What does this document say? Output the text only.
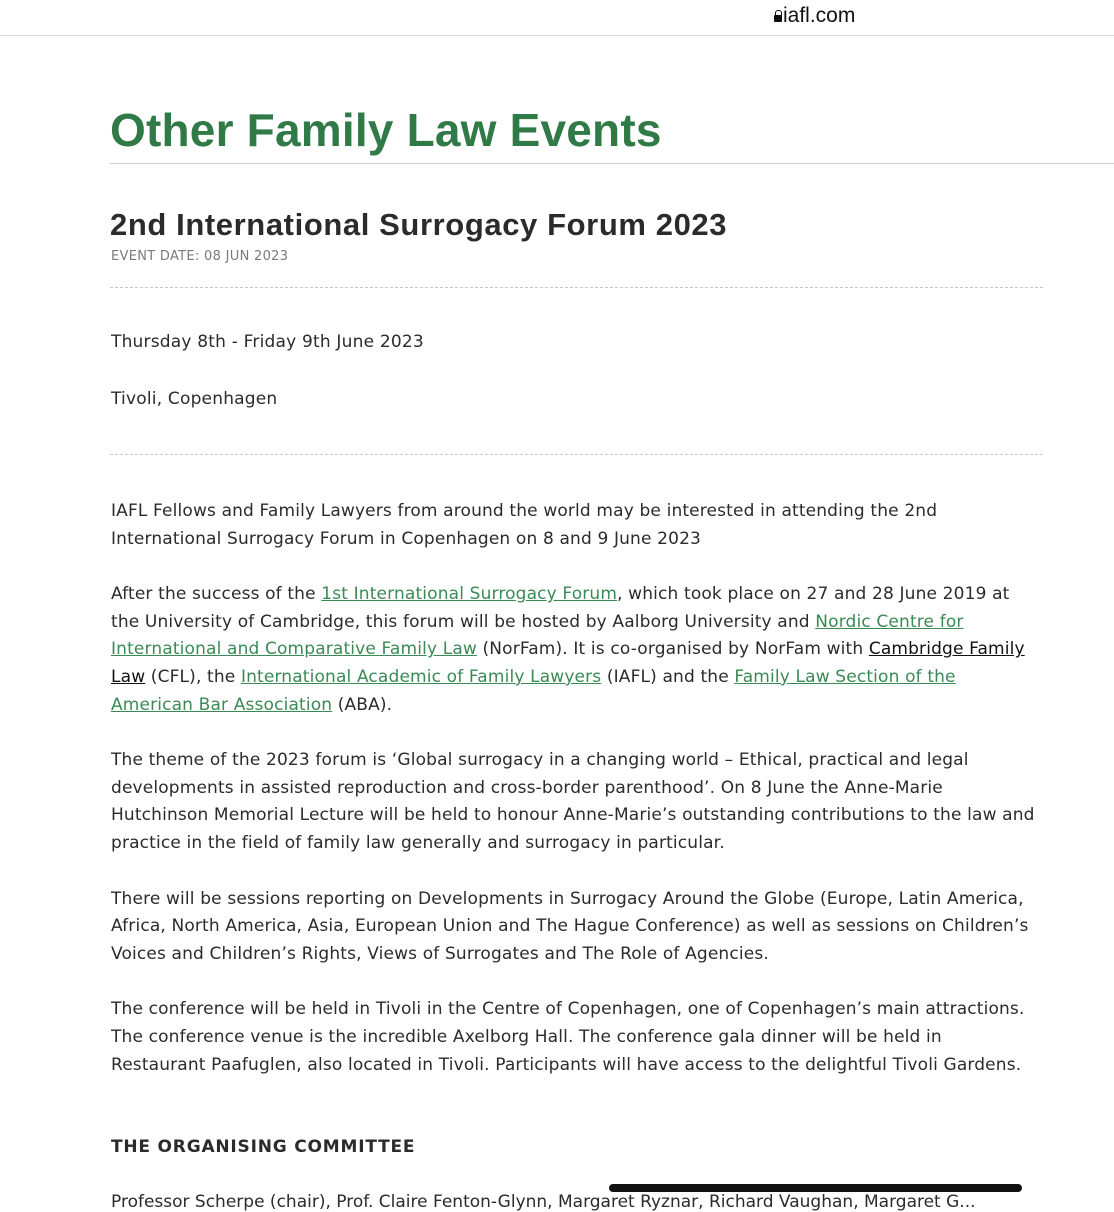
iafl.com
Other Family Law Events
2nd International Surrogacy Forum 2023
EVENT DATE: 08 JUN 2023
Thursday 8th - Friday 9th June 2023
Tivoli, Copenhagen

IAFL Fellows and Family Lawyers from around the world may be interested in attending the 2nd International Surrogacy Forum in Copenhagen on 8 and 9 June 2023

After the success of the 1st International Surrogacy Forum, which took place on 27 and 28 June 2019 at the University of Cambridge, this forum will be hosted by Aalborg University and Nordic Centre for International and Comparative Family Law (NorFam). It is co-organised by NorFam with Cambridge Family Law (CFL), the International Academic of Family Lawyers (IAFL) and the Family Law Section of the American Bar Association (ABA).

The theme of the 2023 forum is ‘Global surrogacy in a changing world – Ethical, practical and legal developments in assisted reproduction and cross-border parenthood’. On 8 June the Anne-Marie Hutchinson Memorial Lecture will be held to honour Anne-Marie’s outstanding contributions to the law and practice in the field of family law generally and surrogacy in particular.

There will be sessions reporting on Developments in Surrogacy Around the Globe (Europe, Latin America, Africa, North America, Asia, European Union and The Hague Conference) as well as sessions on Children’s Voices and Children’s Rights, Views of Surrogates and The Role of Agencies.

The conference will be held in Tivoli in the Centre of Copenhagen, one of Copenhagen’s main attractions. The conference venue is the incredible Axelborg Hall. The conference gala dinner will be held in Restaurant Paafuglen, also located in Tivoli. Participants will have access to the delightful Tivoli Gardens.

THE ORGANISING COMMITTEE
Professor Scherpe (chair), Prof. Claire Fenton-Glynn, Margaret Ryznar, Richard Vaughan, Margaret G...
